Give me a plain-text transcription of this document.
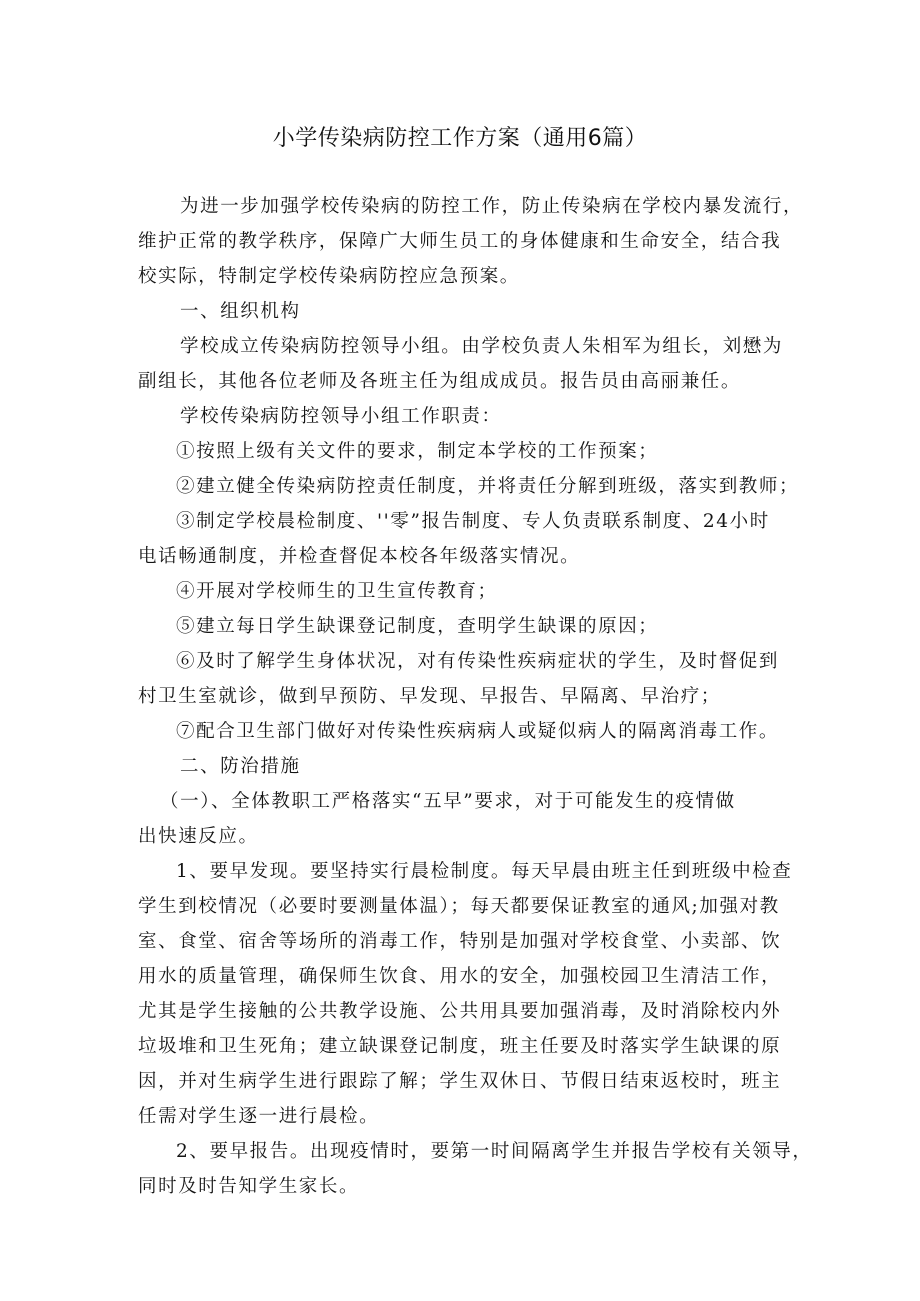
小学传染病防控工作方案（通用6篇）
为进一步加强学校传染病的防控工作，防止传染病在学校内暴发流行，
维护正常的教学秩序，保障广大师生员工的身体健康和生命安全，结合我
校实际，特制定学校传染病防控应急预案。
一、组织机构
学校成立传染病防控领导小组。由学校负责人朱相军为组长，刘懋为
副组长，其他各位老师及各班主任为组成成员。报告员由高丽兼任。
学校传染病防控领导小组工作职责：
①按照上级有关文件的要求，制定本学校的工作预案；
②建立健全传染病防控责任制度，并将责任分解到班级，落实到教师；
③制定学校晨检制度、''零”报告制度、专人负责联系制度、24小时
电话畅通制度，并检查督促本校各年级落实情况。
④开展对学校师生的卫生宣传教育；
⑤建立每日学生缺课登记制度，查明学生缺课的原因；
⑥及时了解学生身体状况，对有传染性疾病症状的学生，及时督促到
村卫生室就诊，做到早预防、早发现、早报告、早隔离、早治疗；
⑦配合卫生部门做好对传染性疾病病人或疑似病人的隔离消毒工作。
二、防治措施
（一）、全体教职工严格落实“五早”要求，对于可能发生的疫情做
出快速反应。
1、要早发现。要坚持实行晨检制度。每天早晨由班主任到班级中检查
学生到校情况（必要时要测量体温）；每天都要保证教室的通风;加强对教
室、食堂、宿舍等场所的消毒工作，特别是加强对学校食堂、小卖部、饮
用水的质量管理，确保师生饮食、用水的安全，加强校园卫生清洁工作，
尤其是学生接触的公共教学设施、公共用具要加强消毒，及时消除校内外
垃圾堆和卫生死角；建立缺课登记制度，班主任要及时落实学生缺课的原
因，并对生病学生进行跟踪了解；学生双休日、节假日结束返校时，班主
任需对学生逐一进行晨检。
2、要早报告。出现疫情时，要第一时间隔离学生并报告学校有关领导，
同时及时告知学生家长。
